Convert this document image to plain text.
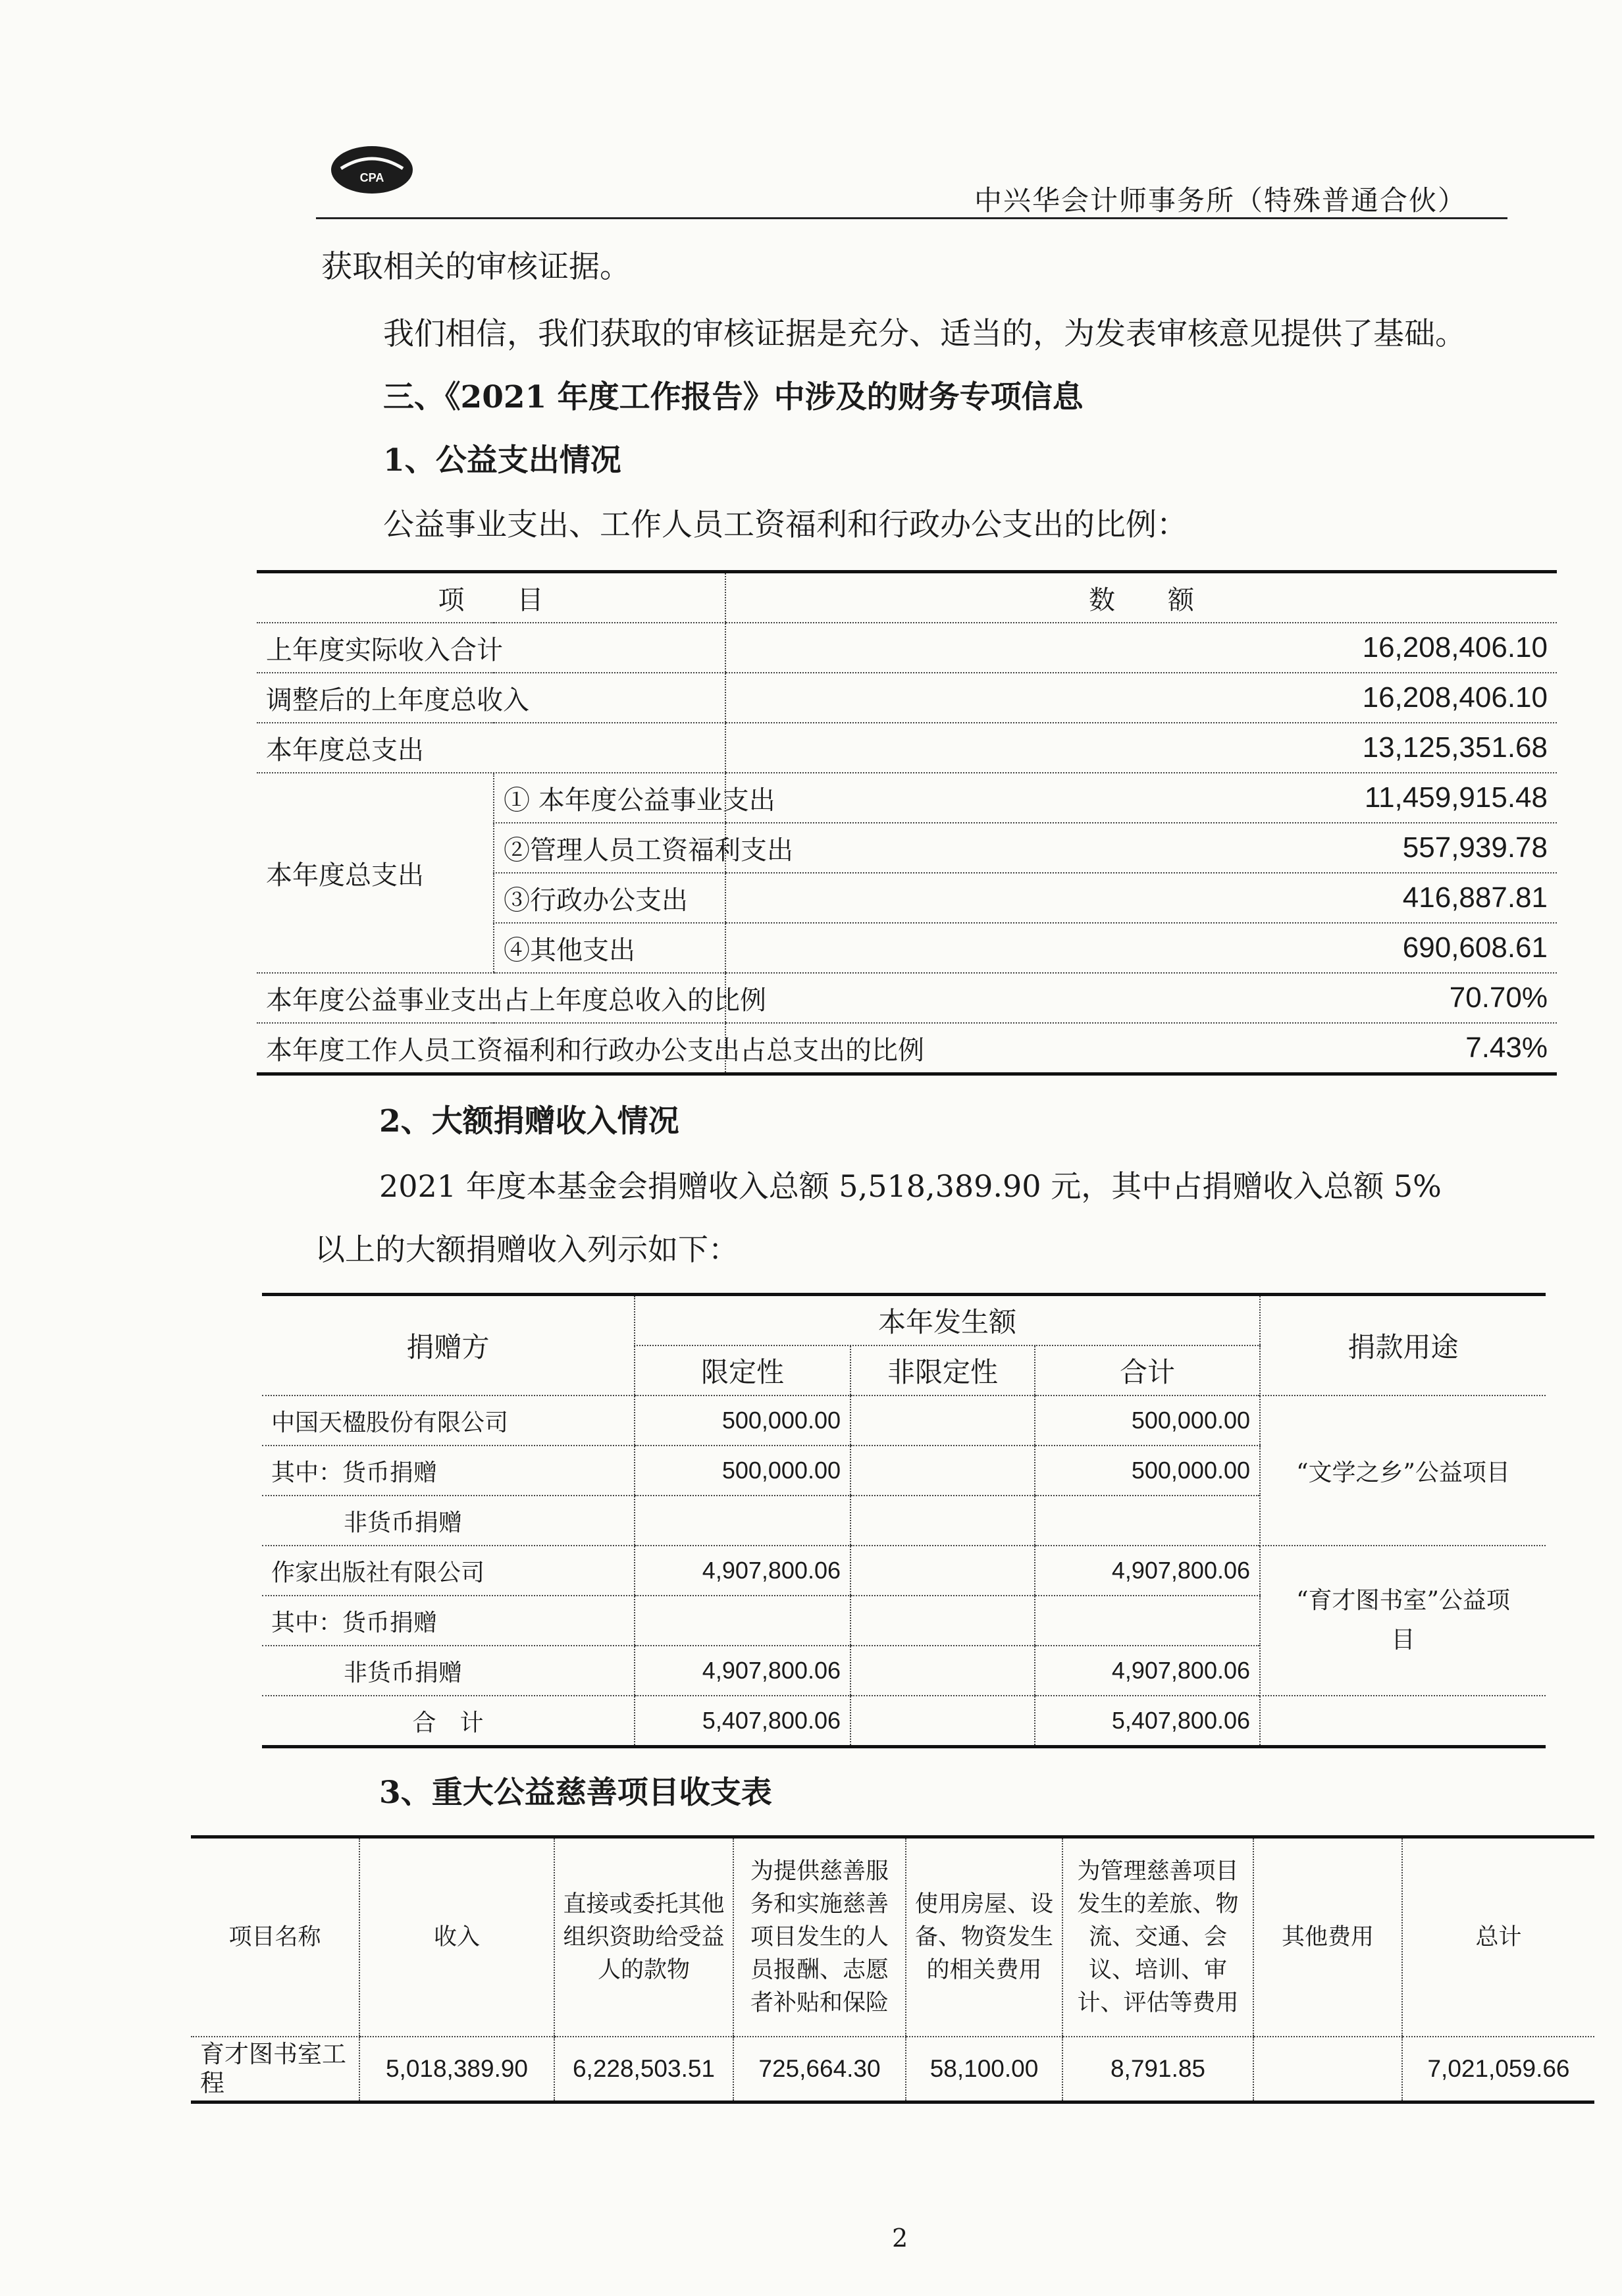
CPA
中兴华会计师事务所（特殊普通合伙）
获取相关的审核证据。
我们相信，我们获取的审核证据是充分、适当的，为发表审核意见提供了基础。
三、《2021 年度工作报告》中涉及的财务专项信息
1、公益支出情况
公益事业支出、工作人员工资福利和行政办公支出的比例：
项　　目		数　　额
上年度实际收入合计		16,208,406.10
调整后的上年度总收入		16,208,406.10
本年度总支出		13,125,351.68
本年度总支出	① 本年度公益事业支出	11,459,915.48
	②管理人员工资福利支出	557,939.78
	③行政办公支出	416,887.81
	④其他支出	690,608.61
本年度公益事业支出占上年度总收入的比例		70.70%
本年度工作人员工资福利和行政办公支出占总支出的比例		7.43%
2、大额捐赠收入情况
2021 年度本基金会捐赠收入总额 5,518,389.90 元，其中占捐赠收入总额 5%
以上的大额捐赠收入列示如下：
捐赠方	本年发生额			捐款用途
	限定性	非限定性	合计	
中国天楹股份有限公司	500,000.00		500,000.00	“文学之乡”公益项目
其中：货币捐赠	500,000.00		500,000.00	
非货币捐赠				
作家出版社有限公司	4,907,800.06		4,907,800.06	“育才图书室”公益项
目
其中：货币捐赠				
非货币捐赠	4,907,800.06		4,907,800.06	
合　计	5,407,800.06		5,407,800.06	
3、重大公益慈善项目收支表
项目名称	收入	直接或委托其他组织资助给受益人的款物	为提供慈善服务和实施慈善项目发生的人员报酬、志愿者补贴和保险	使用房屋、设备、物资发生的相关费用	为管理慈善项目发生的差旅、物流、交通、会议、培训、审计、评估等费用	其他费用	总计
育才图书室工程	5,018,389.90	6,228,503.51	725,664.30	58,100.00	8,791.85		7,021,059.66
2
